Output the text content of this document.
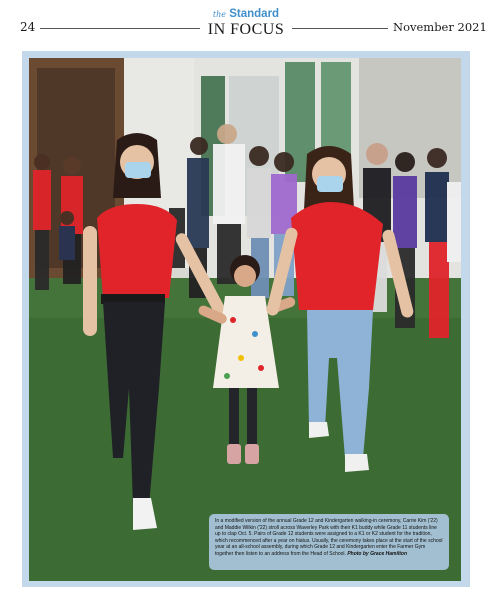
24
the Standard
IN FOCUS	November 2021
In a modified version of the annual Grade 12 and Kindergarten walking-in ceremony, Carrie Kim ('22) and Maddie Wilkin ('22) stroll across Waverley Park with their K1 buddy while Grade 11 students line up to clap Oct. 5. Pairs of Grade 12 students were assigned to a K1 or K2 student for the tradition, which recommenced after a year on hiatus. Usually, the ceremony takes place at the start of the school year at an all-school assembly, during which Grade 12 and Kindergarten enter the Farmer Gym together then listen to an address from the Head of School. Photo by Grace Hamilton
